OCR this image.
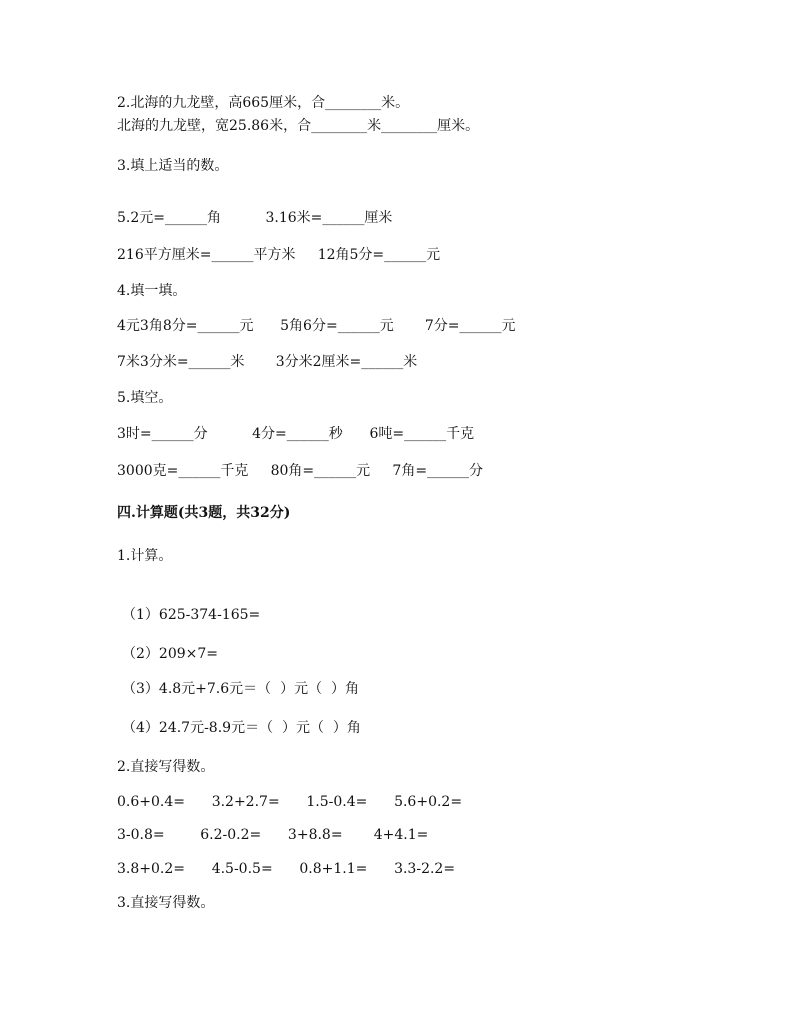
2.北海的九龙壁，高665厘米，合________米。
北海的九龙壁，宽25.86米，合________米________厘米。
3.填上适当的数。
5.2元=______角          3.16米=______厘米
216平方厘米=______平方米     12角5分=______元
4.填一填。
4元3角8分=______元      5角6分=______元       7分=______元
7米3分米=______米       3分米2厘米=______米
5.填空。
3时=______分          4分=______秒      6吨=______千克
3000克=______千克     80角=______元     7角=______分
四.计算题(共3题，共32分)
1.计算。
（1）625-374-165=
（2）209×7=
（3）4.8元+7.6元＝（  ）元（  ）角
（4）24.7元-8.9元＝（  ）元（  ）角
2.直接写得数。
0.6+0.4=      3.2+2.7=      1.5-0.4=      5.6+0.2=
3-0.8=        6.2-0.2=      3+8.8=       4+4.1=
3.8+0.2=      4.5-0.5=      0.8+1.1=      3.3-2.2=
3.直接写得数。
